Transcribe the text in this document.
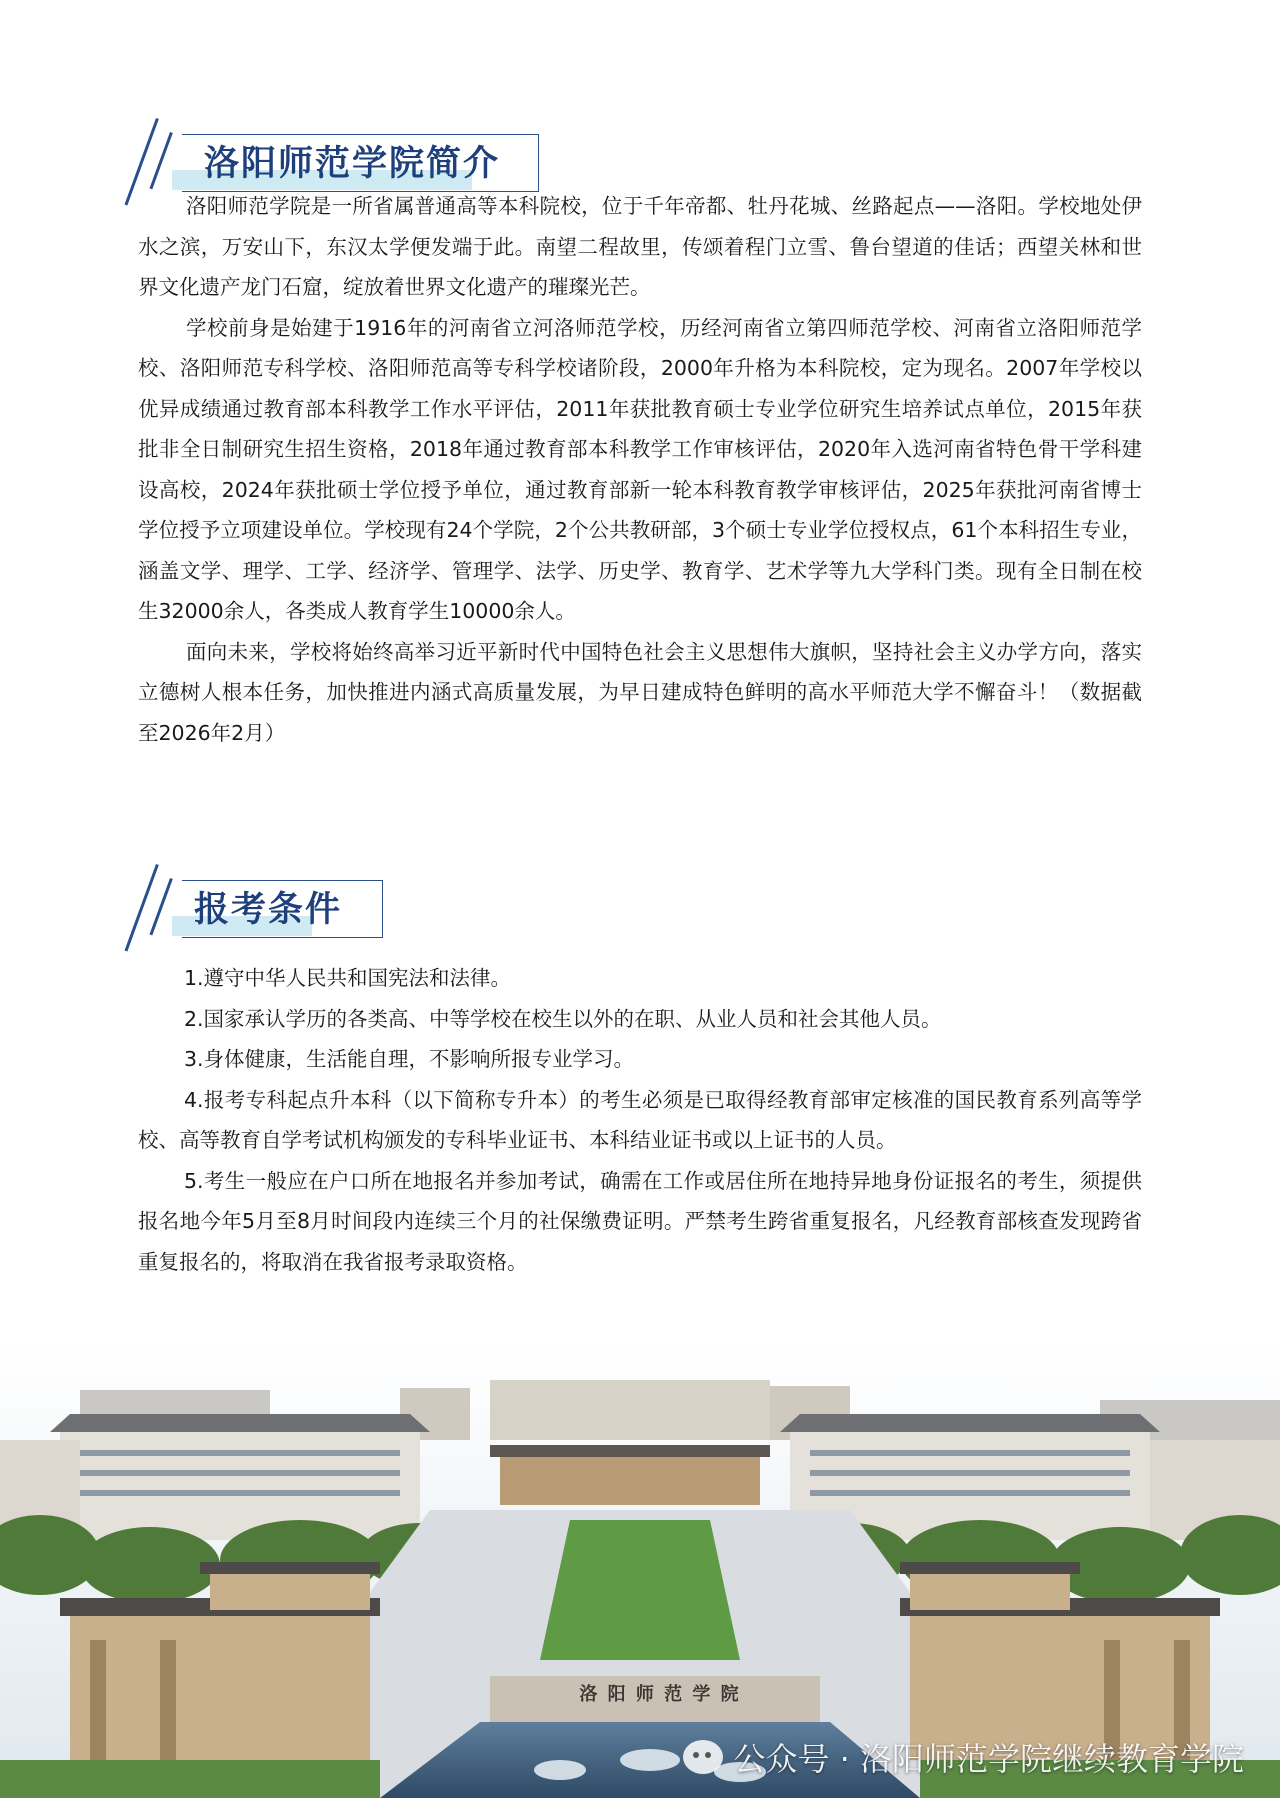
洛阳师范学院简介

洛阳师范学院是一所省属普通高等本科院校，位于千年帝都、牡丹花城、丝路起点——洛阳。学校地处伊水之滨，万安山下，东汉太学便发端于此。南望二程故里，传颂着程门立雪、鲁台望道的佳话；西望关林和世界文化遗产龙门石窟，绽放着世界文化遗产的璀璨光芒。

学校前身是始建于1916年的河南省立河洛师范学校，历经河南省立第四师范学校、河南省立洛阳师范学校、洛阳师范专科学校、洛阳师范高等专科学校诸阶段，2000年升格为本科院校，定为现名。2007年学校以优异成绩通过教育部本科教学工作水平评估，2011年获批教育硕士专业学位研究生培养试点单位，2015年获批非全日制研究生招生资格，2018年通过教育部本科教学工作审核评估，2020年入选河南省特色骨干学科建设高校，2024年获批硕士学位授予单位，通过教育部新一轮本科教育教学审核评估，2025年获批河南省博士学位授予立项建设单位。学校现有24个学院，2个公共教研部，3个硕士专业学位授权点，61个本科招生专业，涵盖文学、理学、工学、经济学、管理学、法学、历史学、教育学、艺术学等九大学科门类。现有全日制在校生32000余人，各类成人教育学生10000余人。

面向未来，学校将始终高举习近平新时代中国特色社会主义思想伟大旗帜，坚持社会主义办学方向，落实立德树人根本任务，加快推进内涵式高质量发展，为早日建成特色鲜明的高水平师范大学不懈奋斗！（数据截至2026年2月）

报考条件

1.遵守中华人民共和国宪法和法律。

2.国家承认学历的各类高、中等学校在校生以外的在职、从业人员和社会其他人员。

3.身体健康，生活能自理，不影响所报专业学习。

4.报考专科起点升本科（以下简称专升本）的考生必须是已取得经教育部审定核准的国民教育系列高等学校、高等教育自学考试机构颁发的专科毕业证书、本科结业证书或以上证书的人员。

5.考生一般应在户口所在地报名并参加考试，确需在工作或居住所在地持异地身份证报名的考生，须提供报名地今年5月至8月时间段内连续三个月的社保缴费证明。严禁考生跨省重复报名，凡经教育部核查发现跨省重复报名的，将取消在我省报考录取资格。

洛 阳 师 范 学 院
公众号 · 洛阳师范学院继续教育学院
